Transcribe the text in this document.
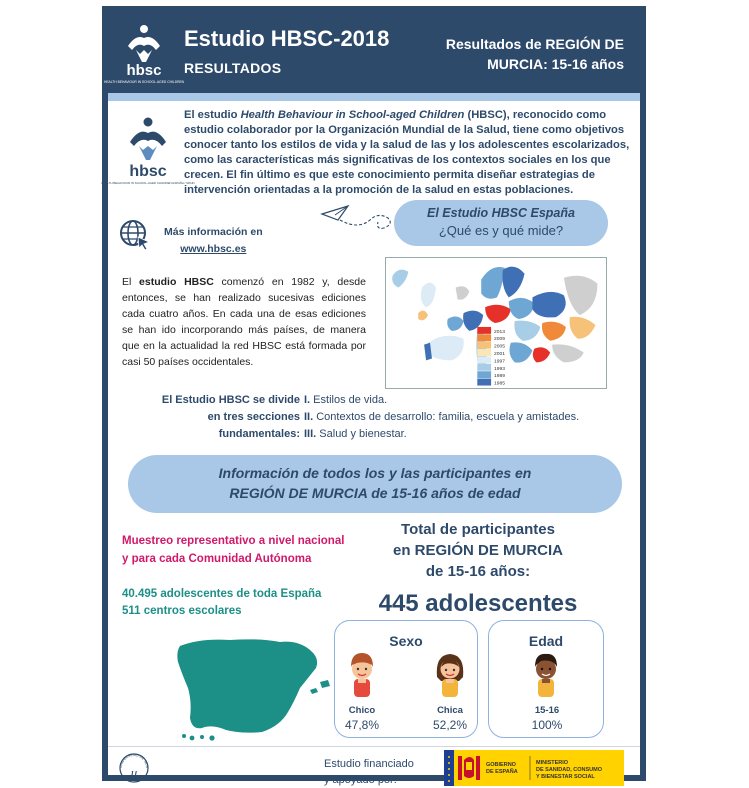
hbsc
HEALTH BEHAVIOUR IN SCHOOL-AGED CHILDREN
Estudio HBSC-2018
RESULTADOS
Resultados de REGIÓN DE
MURCIA: 15-16 años
hbsc
HEALTH BEHAVIOUR IN SCHOOL-AGED CHILDREN ESPAÑA / SPAIN
El estudio Health Behaviour in School-aged Children (HBSC), reconocido como estudio colaborador por la Organización Mundial de la Salud, tiene como objetivos conocer tanto los estilos de vida y la salud de las y los adolescentes escolarizados, como las características más significativas de los contextos sociales en los que crecen. El fin último es que este conocimiento permita diseñar estrategias de intervención orientadas a la promoción de la salud en estas poblaciones.
Más información en
www.hbsc.es
El Estudio HBSC España
¿Qué es y qué mide?
El estudio HBSC comenzó en 1982 y, desde entonces, se han realizado sucesivas ediciones cada cuatro años. En cada una de esas ediciones se han ido incorporando más países, de manera que en la actualidad la red HBSC está formada por casi 50 países occidentales.
2013
2009
2005
2001
1997
1993
1989
1985
El Estudio HBSC se divide
en tres secciones
fundamentales:
I. Estilos de vida.
II. Contextos de desarrollo: familia, escuela y amistades.
III. Salud y bienestar.
Información de todos los y las participantes en
REGIÓN DE MURCIA de 15-16 años de edad
Muestreo representativo a nivel nacional
y para cada Comunidad Autónoma
40.495 adolescentes de toda España
511 centros escolares
Total de participantes
en REGIÓN DE MURCIA
de 15-16 años:
445 adolescentes
Sexo
Chico
47,8%
Chica
52,2%
Edad
15-16
100%
UNIVERSIDAD DE SEVI
u
Estudio financiado
y apoyado por:
GOBIERNO
DE ESPAÑA
MINISTERIO
DE SANIDAD, CONSUMO
Y BIENESTAR SOCIAL
